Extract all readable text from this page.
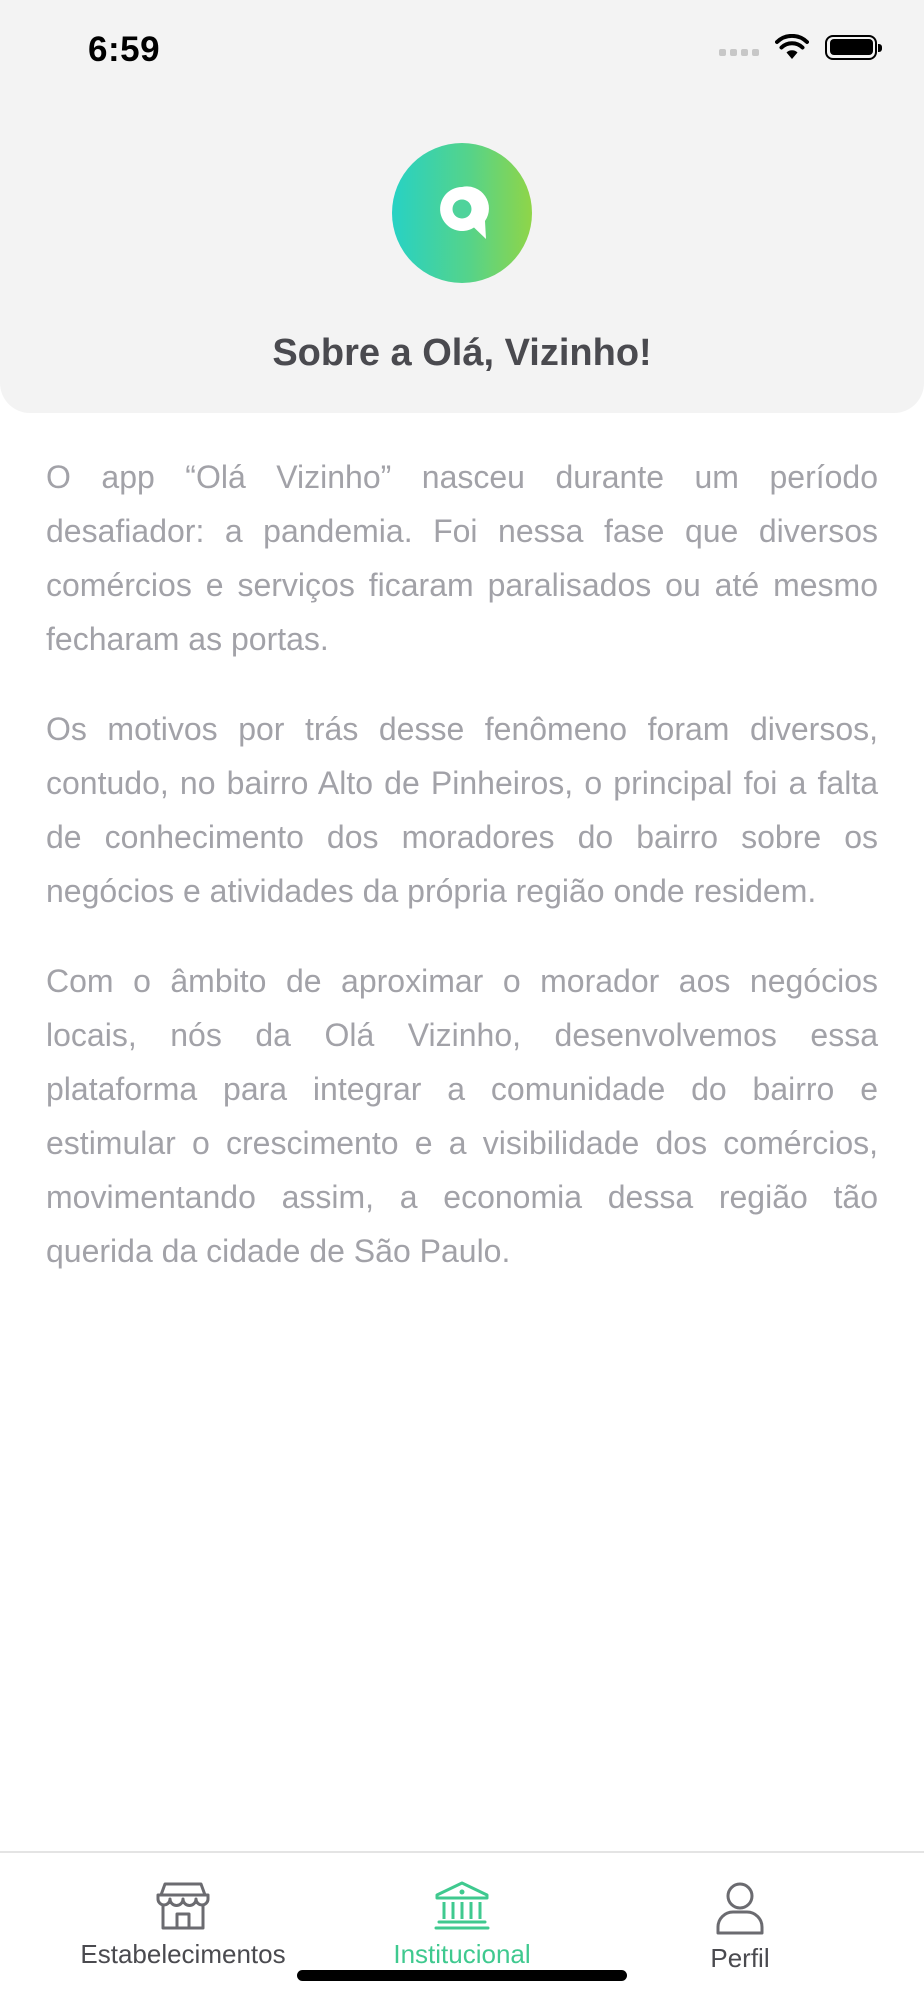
6:59
Sobre a Olá, Vizinho!

O app “Olá Vizinho” nasceu durante um período desafiador: a pandemia. Foi nessa fase que diversos comércios e serviços ficaram paralisados ou até mesmo fecharam as portas.

Os motivos por trás desse fenômeno foram diversos, contudo, no bairro Alto de Pinheiros, o principal foi a falta de conhecimento dos moradores do bairro sobre os negócios e atividades da própria região onde residem.

Com o âmbito de aproximar o morador aos negócios locais, nós da Olá Vizinho, desenvolvemos essa plataforma para integrar a comunidade do bairro e estimular o crescimento e a visibilidade dos comércios, movimentando assim, a economia dessa região tão querida da cidade de São Paulo.

Estabelecimentos	Institucional	Perfil
